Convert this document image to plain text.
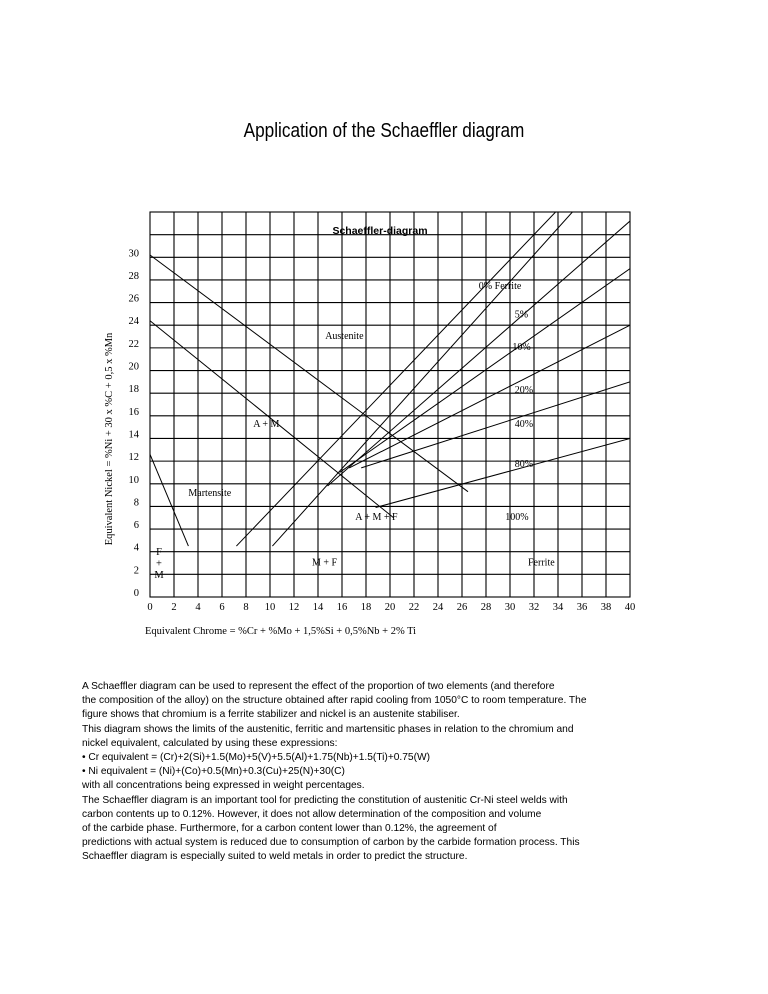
Application of the Schaeffler diagram
Schaeffler-diagram
0 2 4 6 8 10 12 14 16 18 20 22 24 26 28 30 32 34 36 38 40
0
2
4
6
8
10
12
14
16
18
20
22
24
26
28
30
Austenite
0% Ferrite
5%
10%
20%
40%
80%
100%
A + M
Martensite
A + M + F
M + F	Ferrite
F
+
M
Equivalent Chrome = %Cr + %Mo + 1,5%Si + 0,5%Nb + 2% Ti
Equivalent Nickel = %Ni + 30 x %C + 0,5 x %Mn

A Schaeffler diagram can be used to represent the effect of the proportion of two elements (and therefore

the composition of the alloy) on the structure obtained after rapid cooling from 1050°C to room temperature. The

figure shows that chromium is a ferrite stabilizer and nickel is an austenite stabiliser.

This diagram shows the limits of the austenitic, ferritic and martensitic phases in relation to the chromium and

nickel equivalent, calculated by using these expressions:

• Cr equivalent = (Cr)+2(Si)+1.5(Mo)+5(V)+5.5(Al)+1.75(Nb)+1.5(Ti)+0.75(W)

• Ni equivalent = (Ni)+(Co)+0.5(Mn)+0.3(Cu)+25(N)+30(C)

with all concentrations being expressed in weight percentages.

The Schaeffler diagram is an important tool for predicting the constitution of austenitic Cr-Ni steel welds with

carbon contents up to 0.12%. However, it does not allow determination of the composition and volume

of the carbide phase. Furthermore, for a carbon content lower than 0.12%, the agreement of

predictions with actual system is reduced due to consumption of carbon by the carbide formation process. This

Schaeffler diagram is especially suited to weld metals in order to predict the structure.
